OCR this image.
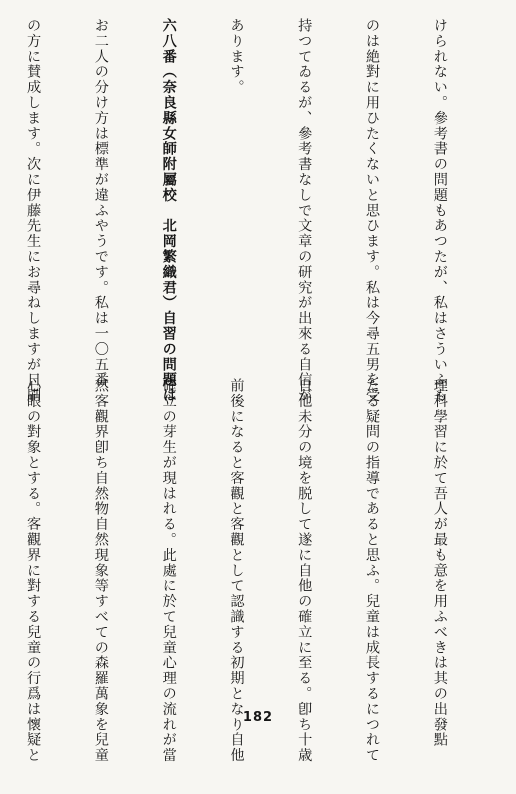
けられない。參考書の問題もあつたが、私はさういふも

のは絶對に用ひたくないと思ひます。私は今尋五男を受

持つてゐるが、參考書なしで文章の研究が出來る自信が

あります。

六八番（奈良縣女師附屬校　北岡繁織君）自習の問題は

お二人の分け方は標準が違ふやうです。私は一〇五番

の方に賛成します。次に伊藤先生にお尋ねしますが日刷

理科學習に於て吾人が最も意を用ふべきは其の出發點

たる疑問の指導であると思ふ。兒童は成長するにつれて

自他未分の境を脱して遂に自他の確立に至る。卽ち十歳

前後になると客觀と客觀として認識する初期となり自他

確立の芽生が現はれる。此處に於て兒童心理の流れが當

然客觀界卽ち自然物自然現象等すべての森羅萬象を兒童

心眼の對象とする。客觀界に對する兒童の行爲は懷疑と

	182
